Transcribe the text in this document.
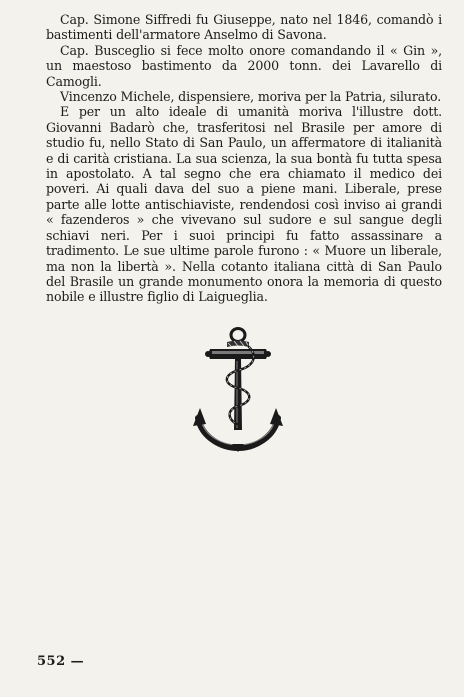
Cap. Simone Siffredi fu Giuseppe, nato nel 1846, comandò i bastimenti dell'armatore Anselmo di Savona.

Cap. Busceglio si fece molto onore comandando il « Gin », un maestoso bastimento da 2000 tonn. dei Lavarello di Camogli.

Vincenzo Michele, dispensiere, moriva per la Patria, silurato.

E per un alto ideale di umanità moriva l'illustre dott. Giovanni Badarò che, trasferitosi nel Brasile per amore di studio fu, nello Stato di San Paulo, un affermatore di italianità e di carità cristiana. La sua scienza, la sua bontà fu tutta spesa in apostolato. A tal segno che era chiamato il medico dei poveri. Ai quali dava del suo a piene mani. Liberale, prese parte alle lotte antischiaviste, rendendosi così inviso ai grandi « fazenderos » che vivevano sul sudore e sul sangue degli schiavi neri. Per i suoi principi fu fatto assassinare a tradimento. Le sue ultime parole furono : « Muore un liberale, ma non la libertà ». Nella cotanto italiana città di San Paulo del Brasile un grande monumento onora la memoria di questo nobile e illustre figlio di Laigueglia.

552 —
